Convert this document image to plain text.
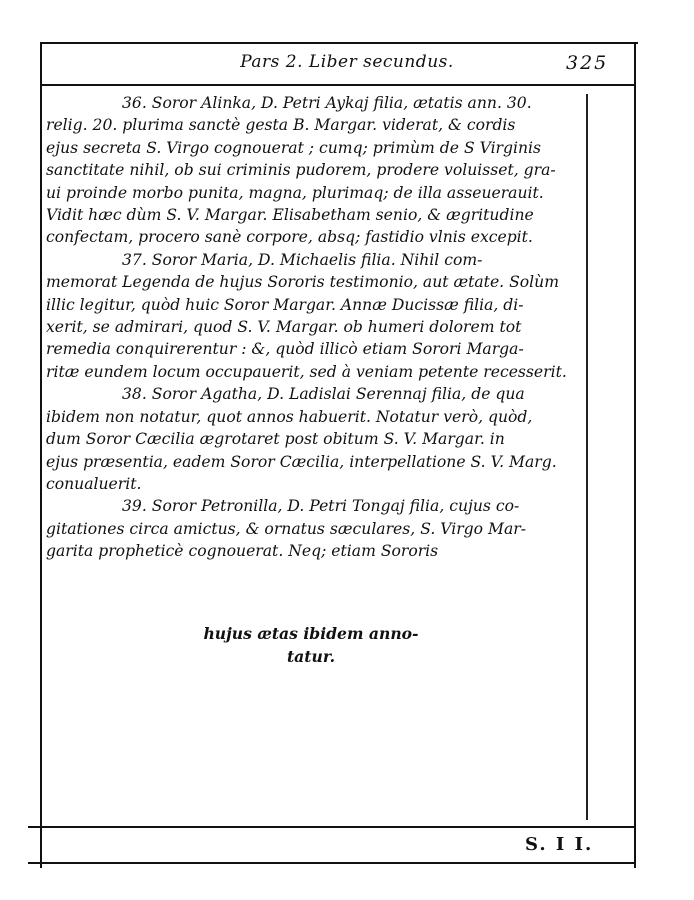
Pars 2. Liber secundus.	325

36. Soror Alinka, D. Petri Aykaj filia, ætatis ann. 30.
relig. 20. plurima sanctè gesta B. Margar. viderat, & cordis
ejus secreta S. Virgo cognouerat ; cumq; primùm de S Virginis
sanctitate nihil, ob sui criminis pudorem, prodere voluisset, gra-
ui proinde morbo punita, magna, plurimaq; de illa asseuerauit.
Vidit hæc dùm S. V. Margar. Elisabetham senio, & ægritudine
confectam, procero sanè corpore, absq; fastidio vlnis excepit.

37. Soror Maria, D. Michaelis filia. Nihil com-
memorat Legenda de hujus Sororis testimonio, aut ætate. Solùm
illic legitur, quòd huic Soror Margar. Annæ Ducissæ filia, di-
xerit, se admirari, quod S. V. Margar. ob humeri dolorem tot
remedia conquirerentur : &, quòd illicò etiam Sorori Marga-
ritæ eundem locum occupauerit, sed à veniam petente recesserit.

38. Soror Agatha, D. Ladislai Serennaj filia, de qua
ibidem non notatur, quot annos habuerit. Notatur verò, quòd,
dum Soror Cæcilia ægrotaret post obitum S. V. Margar. in
ejus præsentia, eadem Soror Cæcilia, interpellatione S. V. Marg.
conualuerit.

39. Soror Petronilla, D. Petri Tongaj filia, cujus co-
gitationes circa amictus, & ornatus sæculares, S. Virgo Mar-
garita propheticè cognouerat. Neq; etiam Sororis

hujus ætas ibidem anno-
tatur.
S. I I.
